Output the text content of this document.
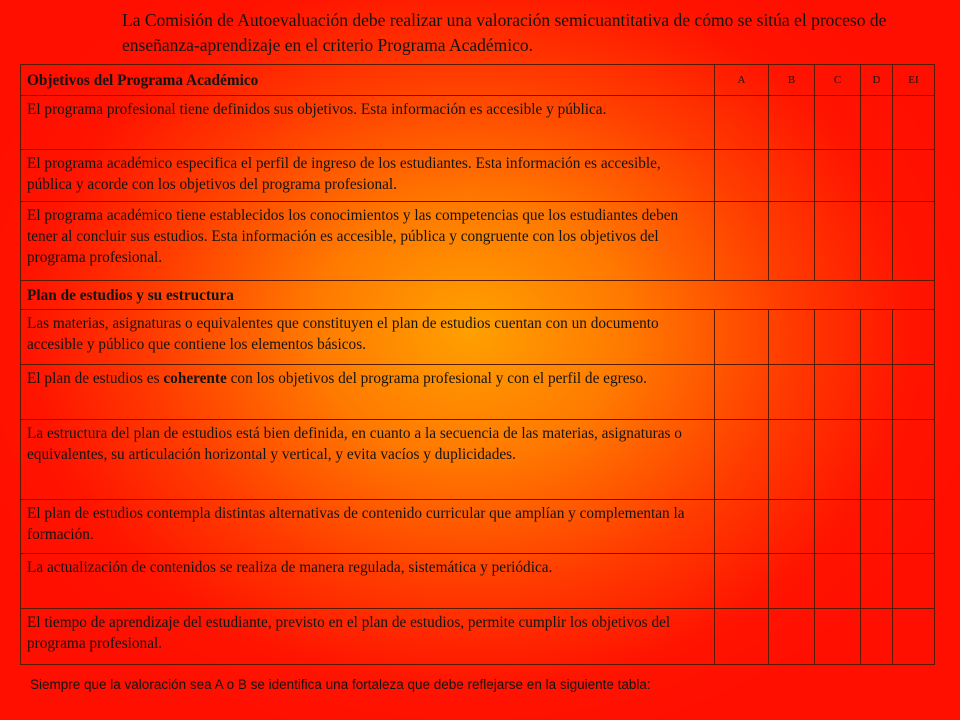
La Comisión de Autoevaluación debe realizar una valoración semicuantitativa de cómo se sitúa el proceso de enseñanza-aprendizaje en el criterio Programa Académico.

Objetivos del Programa Académico	A	B	C	D	EI
El programa profesional tiene definidos sus objetivos. Esta información es accesible y pública.					
El programa académico especifica el perfil de ingreso de los estudiantes. Esta información es accesible, pública y acorde con los objetivos del programa profesional.					
El programa académico tiene establecidos los conocimientos y las competencias que los estudiantes deben tener al concluir sus estudios. Esta información es accesible, pública y congruente con los objetivos del programa profesional.					
Plan de estudios y su estructura					
Las materias, asignaturas o equivalentes que constituyen el plan de estudios cuentan con un documento accesible y público que contiene los elementos básicos.					
El plan de estudios es coherente con los objetivos del programa profesional y con el perfil de egreso.					
La estructura del plan de estudios está bien definida, en cuanto a la secuencia de las materias, asignaturas o equivalentes, su articulación horizontal y vertical, y evita vacíos y duplicidades.					
El plan de estudios contempla distintas alternativas de contenido curricular que amplían y complementan la formación.					
La actualización de contenidos se realiza de manera regulada, sistemática y periódica.					
El tiempo de aprendizaje del estudiante, previsto en el plan de estudios, permite cumplir los objetivos del programa profesional.					

Siempre que la valoración sea A o B se identifica una fortaleza que debe reflejarse en la siguiente tabla:
